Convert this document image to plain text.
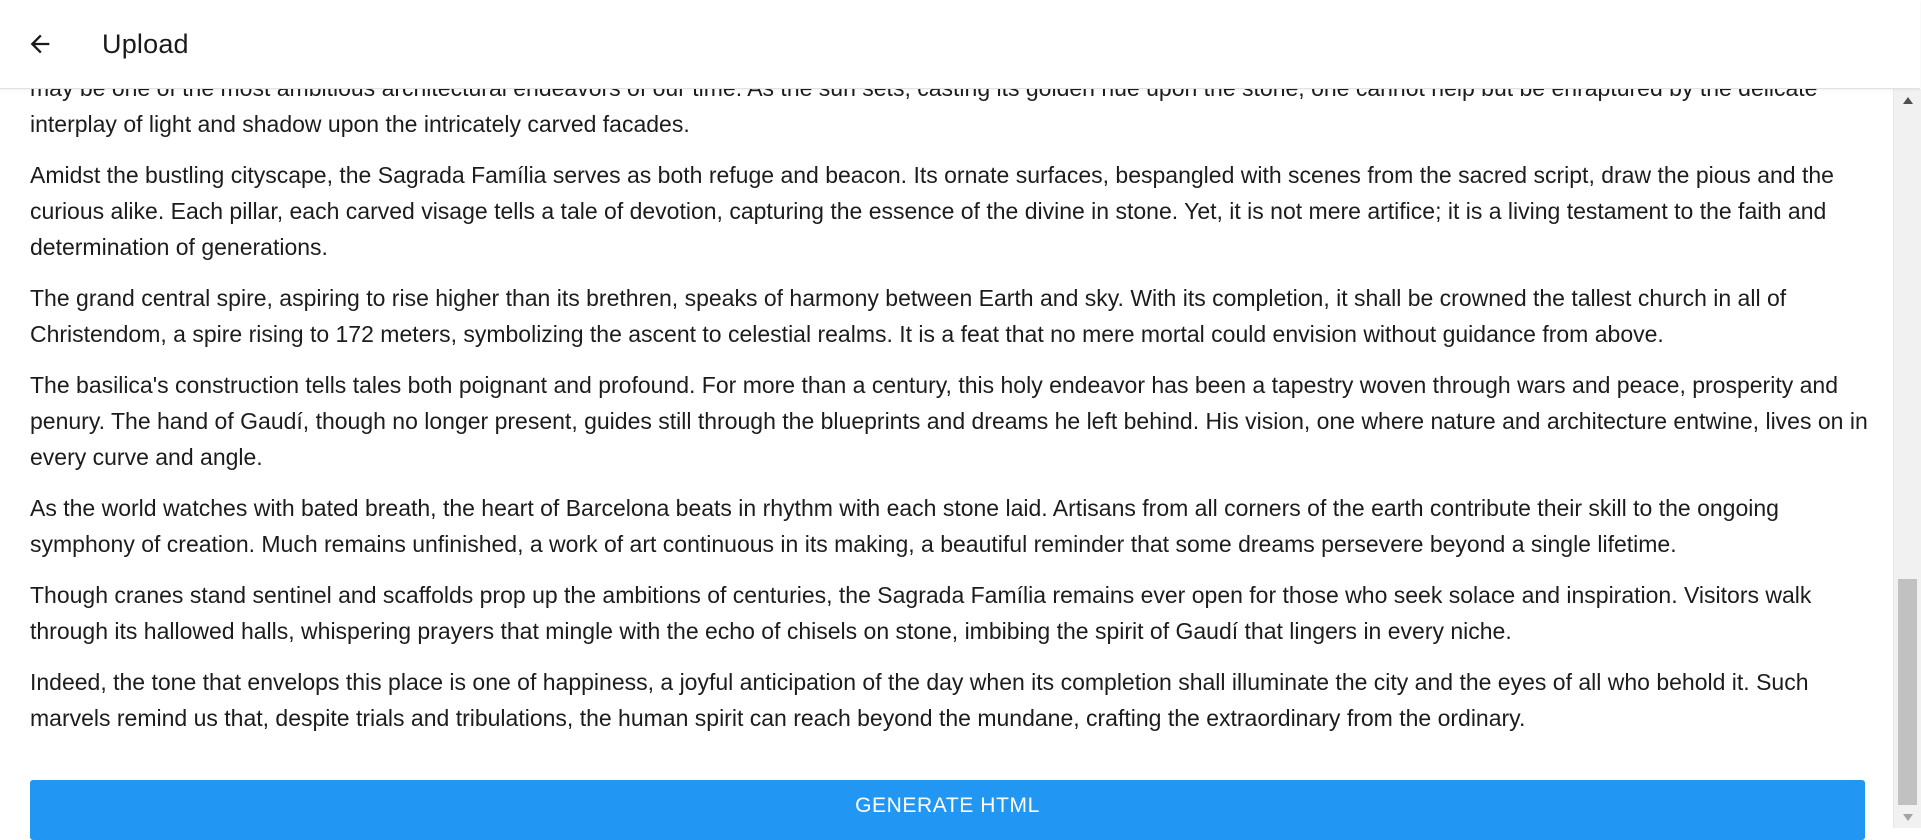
Upload

interplay of light and shadow upon the intricately carved facades.

Amidst the bustling cityscape, the Sagrada Família serves as both refuge and beacon. Its ornate surfaces, bespangled with scenes from the sacred script, draw the pious and the curious alike. Each pillar, each carved visage tells a tale of devotion, capturing the essence of the divine in stone. Yet, it is not mere artifice; it is a living testament to the faith and determination of generations.

The grand central spire, aspiring to rise higher than its brethren, speaks of harmony between Earth and sky. With its completion, it shall be crowned the tallest church in all of Christendom, a spire rising to 172 meters, symbolizing the ascent to celestial realms. It is a feat that no mere mortal could envision without guidance from above.

The basilica's construction tells tales both poignant and profound. For more than a century, this holy endeavor has been a tapestry woven through wars and peace, prosperity and penury. The hand of Gaudí, though no longer present, guides still through the blueprints and dreams he left behind. His vision, one where nature and architecture entwine, lives on in every curve and angle.

As the world watches with bated breath, the heart of Barcelona beats in rhythm with each stone laid. Artisans from all corners of the earth contribute their skill to the ongoing symphony of creation. Much remains unfinished, a work of art continuous in its making, a beautiful reminder that some dreams persevere beyond a single lifetime.

Though cranes stand sentinel and scaffolds prop up the ambitions of centuries, the Sagrada Família remains ever open for those who seek solace and inspiration. Visitors walk through its hallowed halls, whispering prayers that mingle with the echo of chisels on stone, imbibing the spirit of Gaudí that lingers in every niche.

Indeed, the tone that envelops this place is one of happiness, a joyful anticipation of the day when its completion shall illuminate the city and the eyes of all who behold it. Such marvels remind us that, despite trials and tribulations, the human spirit can reach beyond the mundane, crafting the extraordinary from the ordinary.

GENERATE HTML
